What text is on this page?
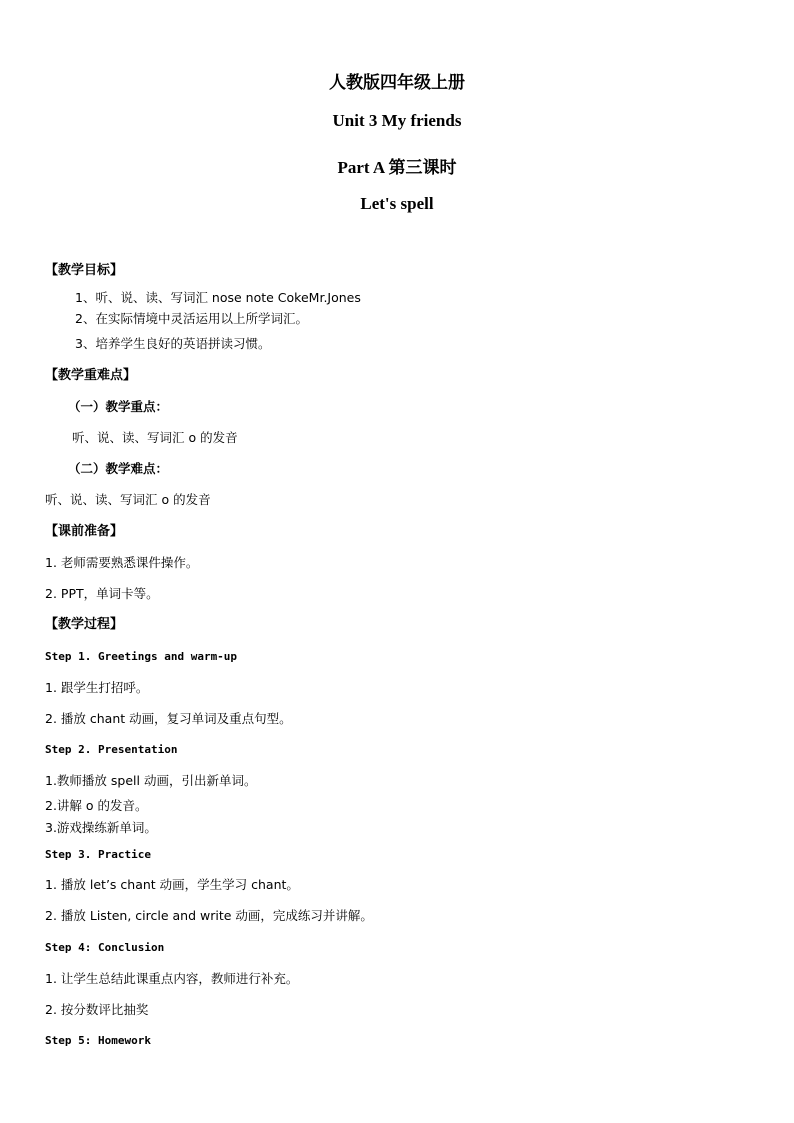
人教版四年级上册
Unit 3 My friends
Part A 第三课时
Let's spell
【教学目标】
1、听、说、读、写词汇 nose note CokeMr.Jones
2、在实际情境中灵活运用以上所学词汇。
3、培养学生良好的英语拼读习惯。
【教学重难点】
（一）教学重点：
听、说、读、写词汇 o 的发音
（二）教学难点：
听、说、读、写词汇 o 的发音
【课前准备】
1. 老师需要熟悉课件操作。
2. PPT，单词卡等。
【教学过程】
Step 1. Greetings and warm-up
1. 跟学生打招呼。
2. 播放 chant 动画，复习单词及重点句型。
Step 2. Presentation
1.教师播放 spell 动画，引出新单词。
2.讲解 o 的发音。
3.游戏操练新单词。
Step 3. Practice
1. 播放 let’s chant 动画，学生学习 chant。
2. 播放 Listen, circle and write 动画，完成练习并讲解。
Step 4: Conclusion
1. 让学生总结此课重点内容，教师进行补充。
2. 按分数评比抽奖
Step 5: Homework
